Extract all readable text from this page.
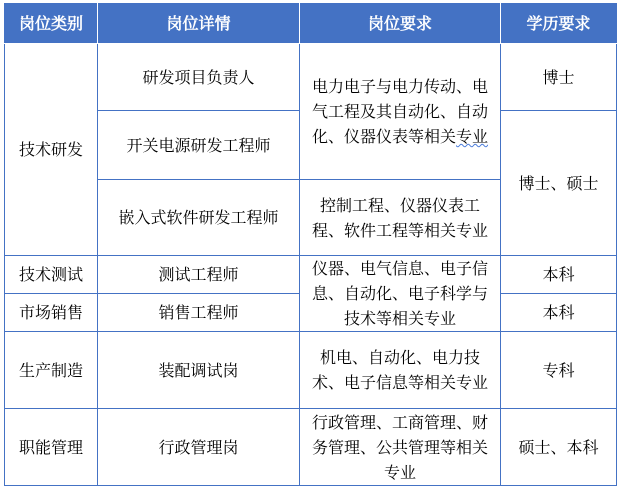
岗位类别	岗位详情	岗位要求	学历要求
技术研发	研发项目负责人	电力电子与电力传动、电气工程及其自动化、自动化、仪器仪表等相关专业	博士
	开关电源研发工程师		博士、硕士
	嵌入式软件研发工程师	控制工程、仪器仪表工程、软件工程等相关专业	
技术测试	测试工程师	仪器、电气信息、电子信息、自动化、电子科学与技术等相关专业	本科
市场销售	销售工程师		本科
生产制造	装配调试岗	机电、自动化、电力技术、电子信息等相关专业	专科
职能管理	行政管理岗	行政管理、工商管理、财务管理、公共管理等相关专业	硕士、本科
